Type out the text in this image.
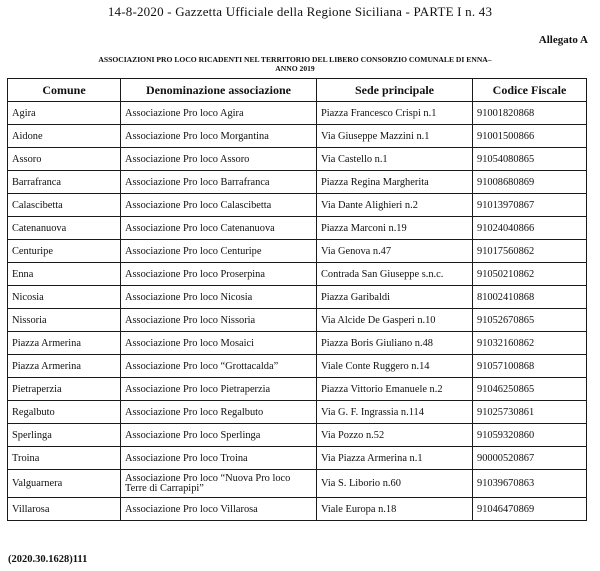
14-8-2020 - Gazzetta Ufficiale della Regione Siciliana - PARTE I n. 43
Allegato A
ASSOCIAZIONI PRO LOCO RICADENTI NEL TERRITORIO DEL LIBERO CONSORZIO COMUNALE DI ENNA–
ANNO 2019
Comune	Denominazione associazione	Sede principale	Codice Fiscale
Agira	Associazione Pro loco Agira	Piazza Francesco Crispi n.1	91001820868
Aidone	Associazione Pro loco Morgantina	Via Giuseppe Mazzini n.1	91001500866
Assoro	Associazione Pro loco Assoro	Via Castello n.1	91054080865
Barrafranca	Associazione Pro loco Barrafranca	Piazza Regina Margherita	91008680869
Calascibetta	Associazione Pro loco Calascibetta	Via Dante Alighieri n.2	91013970867
Catenanuova	Associazione Pro loco Catenanuova	Piazza Marconi n.19	91024040866
Centuripe	Associazione Pro loco Centuripe	Via Genova n.47	91017560862
Enna	Associazione Pro loco Proserpina	Contrada San Giuseppe s.n.c.	91050210862
Nicosia	Associazione Pro loco Nicosia	Piazza Garibaldi	81002410868
Nissoria	Associazione Pro loco Nissoria	Via Alcide De Gasperi n.10	91052670865
Piazza Armerina	Associazione Pro loco Mosaici	Piazza Boris Giuliano n.48	91032160862
Piazza Armerina	Associazione Pro loco “Grottacalda”	Viale Conte Ruggero n.14	91057100868
Pietraperzia	Associazione Pro loco Pietraperzia	Piazza Vittorio Emanuele n.2	91046250865
Regalbuto	Associazione Pro loco Regalbuto	Via G. F. Ingrassia n.114	91025730861
Sperlinga	Associazione Pro loco Sperlinga	Via Pozzo n.52	91059320860
Troina	Associazione Pro loco Troina	Via Piazza Armerina n.1	90000520867
Valguarnera	Associazione Pro loco “Nuova Pro loco Terre di Carrapipi”	Via S. Liborio n.60	91039670863
Villarosa	Associazione Pro loco Villarosa	Viale Europa n.18	91046470869
(2020.30.1628)111
